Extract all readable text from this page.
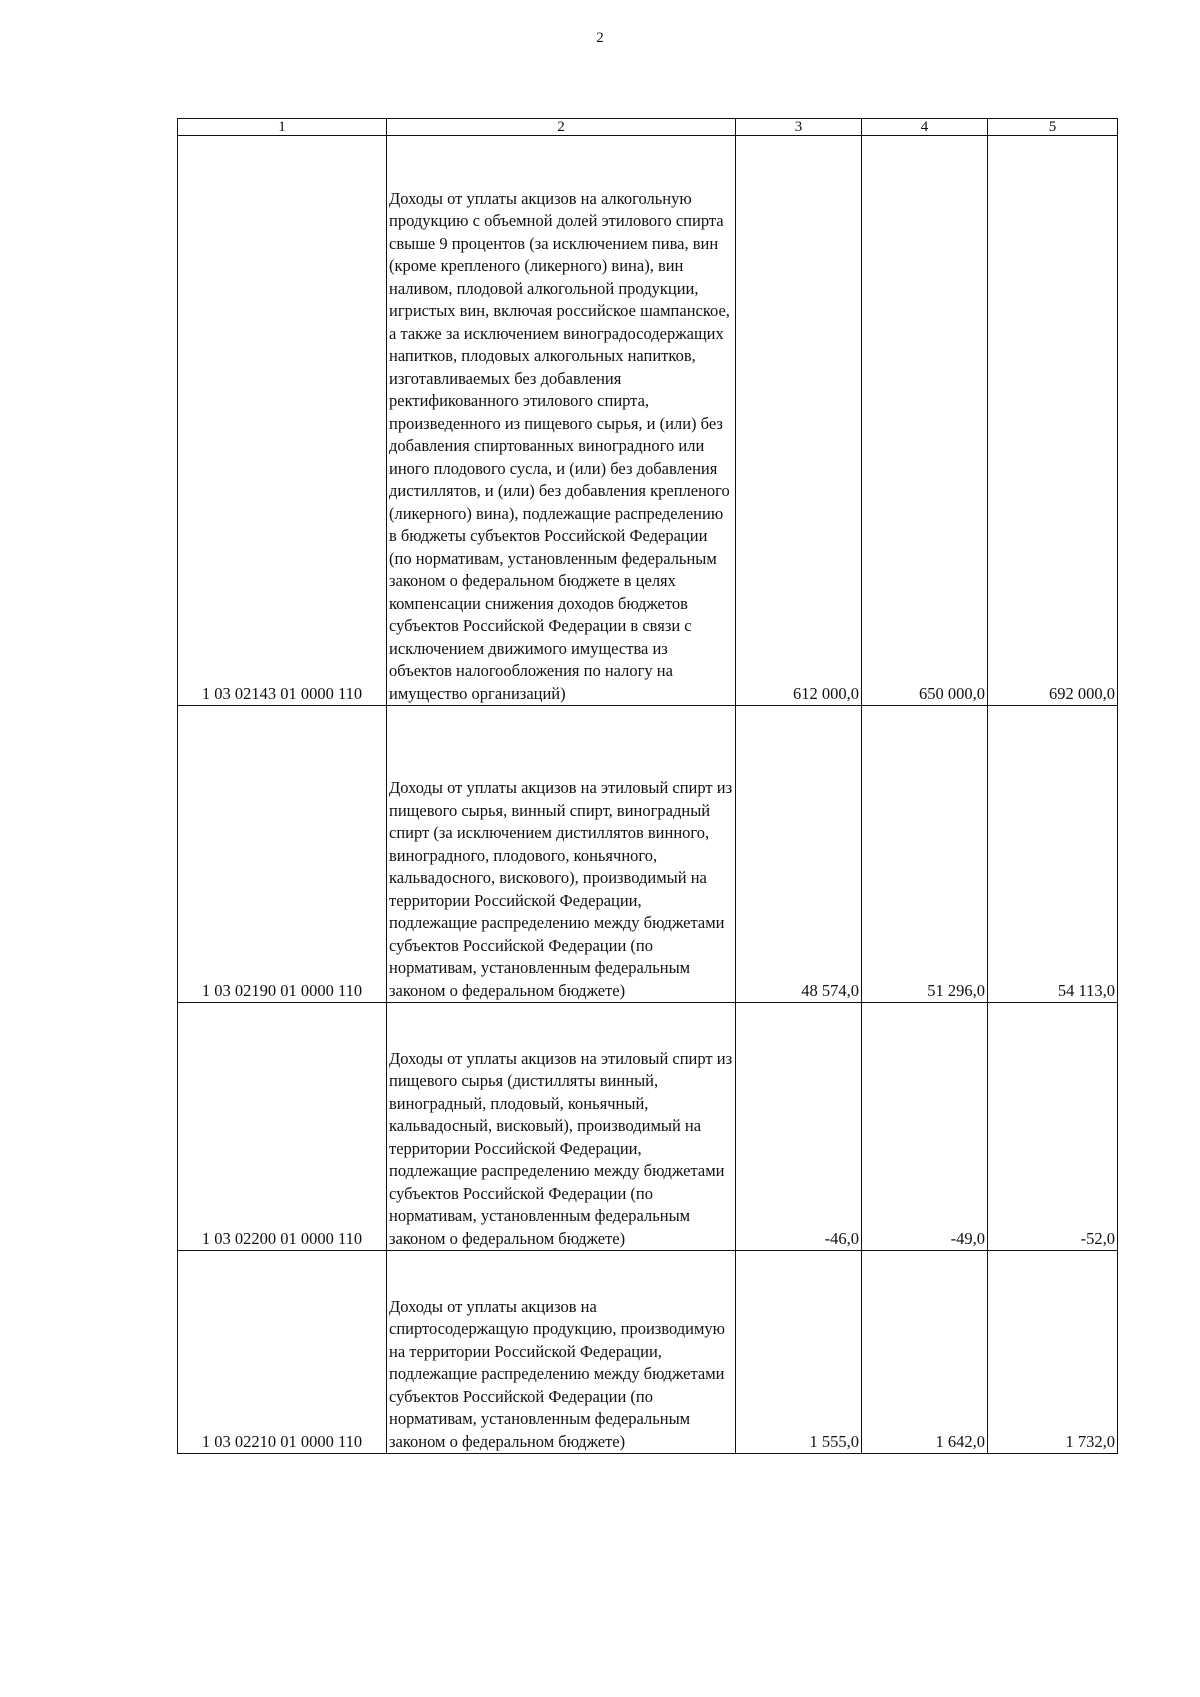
2
1	2	3	4	5
1 03 02143 01 0000 110	Доходы от уплаты акцизов на алкогольную продукцию с объемной долей этилового спирта свыше 9 процентов (за исключением пива, вин (кроме крепленого (ликерного) вина), вин наливом, плодовой алкогольной продукции, игристых вин, включая российское шампанское, а также за исключением виноградосодержащих напитков, плодовых алкогольных напитков, изготавливаемых без добавления ректификованного этилового спирта, произведенного из пищевого сырья, и (или) без добавления спиртованных виноградного или иного плодового сусла, и (или) без добавления дистиллятов, и (или) без добавления крепленого (ликерного) вина), подлежащие распределению в бюджеты субъектов Российской Федерации (по нормативам, установленным федеральным законом о федеральном бюджете в целях компенсации снижения доходов бюджетов субъектов Российской Федерации в связи с исключением движимого имущества из объектов налогообложения по налогу на имущество организаций)	612 000,0	650 000,0	692 000,0
1 03 02190 01 0000 110	Доходы от уплаты акцизов на этиловый спирт из пищевого сырья, винный спирт, виноградный спирт (за исключением дистиллятов винного, виноградного, плодового, коньячного, кальвадосного, вискового), производимый на территории Российской Федерации, подлежащие распределению между бюджетами субъектов Российской Федерации (по нормативам, установленным федеральным законом о федеральном бюджете)	48 574,0	51 296,0	54 113,0
1 03 02200 01 0000 110	Доходы от уплаты акцизов на этиловый спирт из пищевого сырья (дистилляты винный, виноградный, плодовый, коньячный, кальвадосный, висковый), производимый на территории Российской Федерации, подлежащие распределению между бюджетами субъектов Российской Федерации (по нормативам, установленным федеральным законом о федеральном бюджете)	-46,0	-49,0	-52,0
1 03 02210 01 0000 110	Доходы от уплаты акцизов на спиртосодержащую продукцию, производимую на территории Российской Федерации, подлежащие распределению между бюджетами субъектов Российской Федерации (по нормативам, установленным федеральным законом о федеральном бюджете)	1 555,0	1 642,0	1 732,0
